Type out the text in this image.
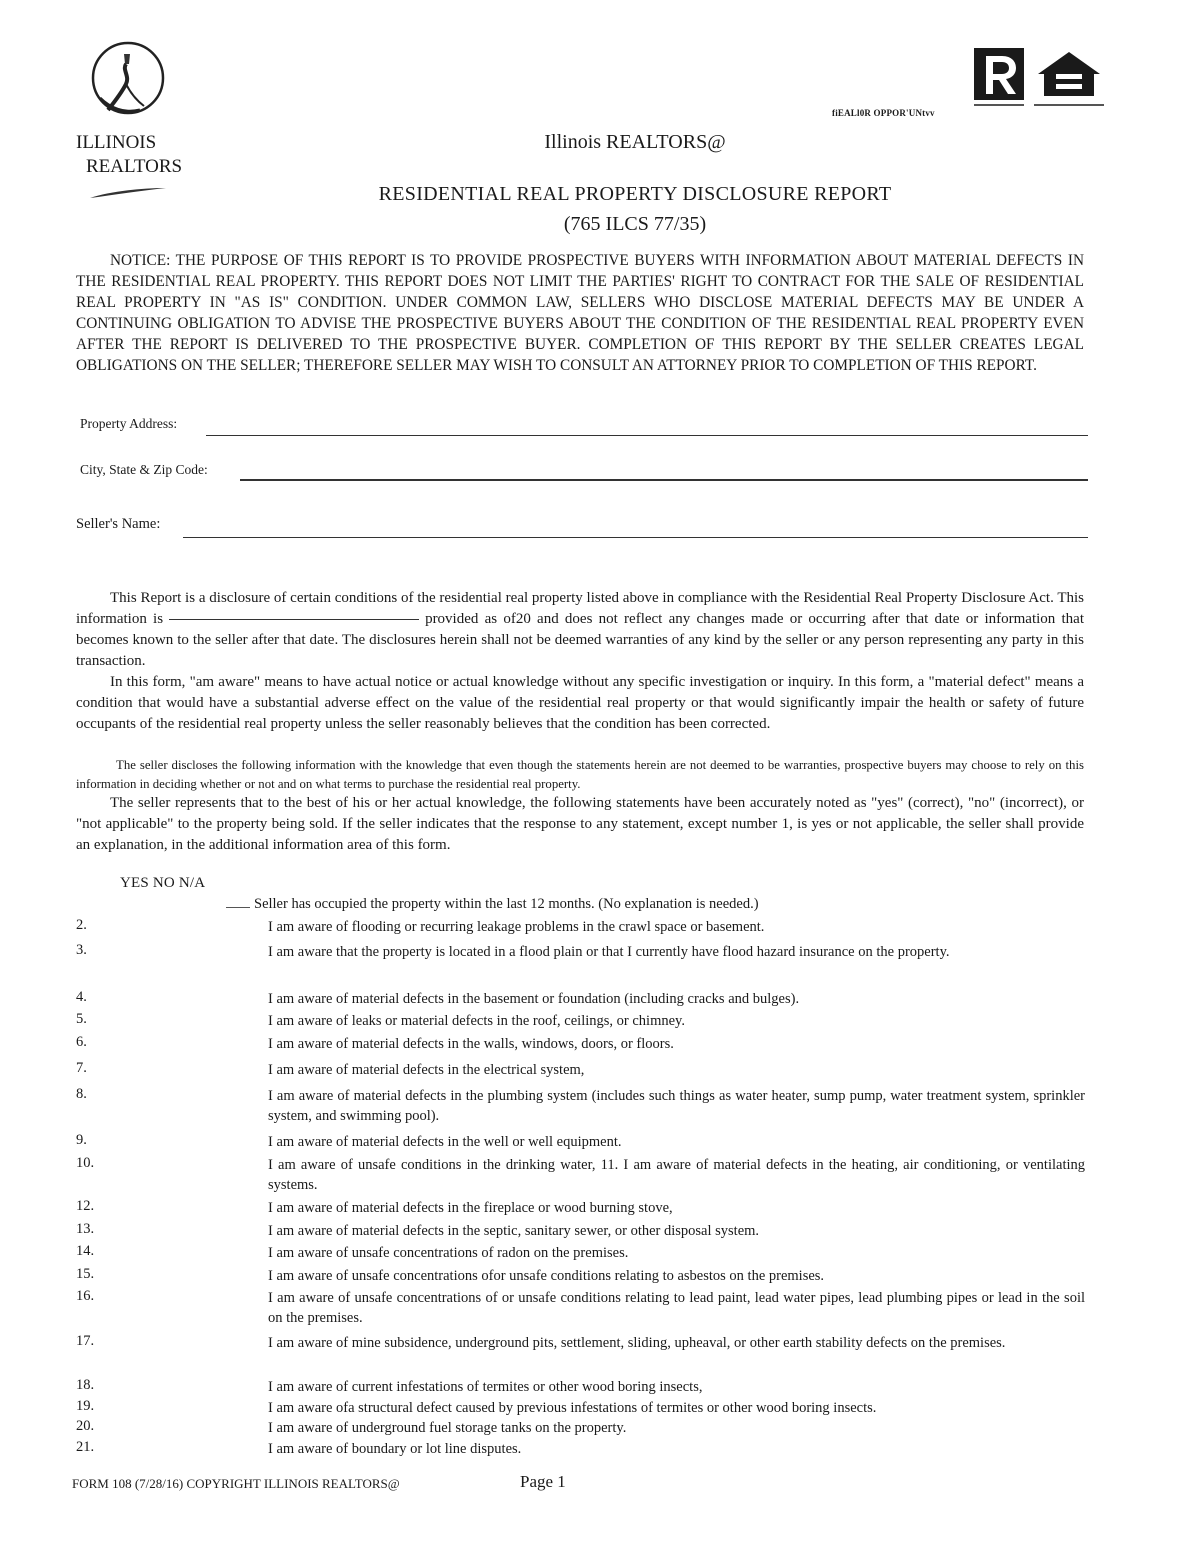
ILLINOIS
REALTORS
fiEALl0R OPPOR'UNtvv
Illinois REALTORS@
RESIDENTIAL REAL PROPERTY DISCLOSURE REPORT
(765 ILCS 77/35)
NOTICE: THE PURPOSE OF THIS REPORT IS TO PROVIDE PROSPECTIVE BUYERS WITH INFORMATION ABOUT MATERIAL DEFECTS IN THE RESIDENTIAL REAL PROPERTY. THIS REPORT DOES NOT LIMIT THE PARTIES' RIGHT TO CONTRACT FOR THE SALE OF RESIDENTIAL REAL PROPERTY IN "AS IS" CONDITION. UNDER COMMON LAW, SELLERS WHO DISCLOSE MATERIAL DEFECTS MAY BE UNDER A CONTINUING OBLIGATION TO ADVISE THE PROSPECTIVE BUYERS ABOUT THE CONDITION OF THE RESIDENTIAL REAL PROPERTY EVEN AFTER THE REPORT IS DELIVERED TO THE PROSPECTIVE BUYER. COMPLETION OF THIS REPORT BY THE SELLER CREATES LEGAL OBLIGATIONS ON THE SELLER; THEREFORE SELLER MAY WISH TO CONSULT AN ATTORNEY PRIOR TO COMPLETION OF THIS REPORT.
Property Address:
City, State & Zip Code:
Seller's Name:
This Report is a disclosure of certain conditions of the residential real property listed above in compliance with the Residential Real Property Disclosure Act. This information is	provided as of20 and does not reflect any changes made or occurring after that date or information that becomes known to the seller after that date. The disclosures herein shall not be deemed warranties of any kind by the seller or any person representing any party in this transaction.
In this form, "am aware" means to have actual notice or actual knowledge without any specific investigation or inquiry. In this form, a "material defect" means a condition that would have a substantial adverse effect on the value of the residential real property or that would significantly impair the health or safety of future occupants of the residential real property unless the seller reasonably believes that the condition has been corrected.
The seller discloses the following information with the knowledge that even though the statements herein are not deemed to be warranties, prospective buyers may choose to rely on this information in deciding whether or not and on what terms to purchase the residential real property.
The seller represents that to the best of his or her actual knowledge, the following statements have been accurately noted as "yes" (correct), "no" (incorrect), or "not applicable" to the property being sold. If the seller indicates that the response to any statement, except number 1, is yes or not applicable, the seller shall provide an explanation, in the additional information area of this form.
YES NO N/A
Seller has occupied the property within the last 12 months. (No explanation is needed.)
2.	I am aware of flooding or recurring leakage problems in the crawl space or basement.
3.	I am aware that the property is located in a flood plain or that I currently have flood hazard insurance on the property.
4.	I am aware of material defects in the basement or foundation (including cracks and bulges).
5.	I am aware of leaks or material defects in the roof, ceilings, or chimney.
6.	I am aware of material defects in the walls, windows, doors, or floors.
7.	I am aware of material defects in the electrical system,
8.	I am aware of material defects in the plumbing system (includes such things as water heater, sump pump, water treatment system, sprinkler system, and swimming pool).
9.	I am aware of material defects in the well or well equipment.
10.	I am aware of unsafe conditions in the drinking water, 11. I am aware of material defects in the heating, air conditioning, or ventilating systems.
12.	I am aware of material defects in the fireplace or wood burning stove,
13.	I am aware of material defects in the septic, sanitary sewer, or other disposal system.
14.	I am aware of unsafe concentrations of radon on the premises.
15.	I am aware of unsafe concentrations ofor unsafe conditions relating to asbestos on the premises.
16.	I am aware of unsafe concentrations of or unsafe conditions relating to lead paint, lead water pipes, lead plumbing pipes or lead in the soil on the premises.
17.	I am aware of mine subsidence, underground pits, settlement, sliding, upheaval, or other earth stability defects on the premises.
18.	I am aware of current infestations of termites or other wood boring insects,
19.	I am aware ofa structural defect caused by previous infestations of termites or other wood boring insects.
20.	I am aware of underground fuel storage tanks on the property.
21.	I am aware of boundary or lot line disputes.
FORM 108 (7/28/16) COPYRIGHT ILLINOIS REALTORS@	Page 1
